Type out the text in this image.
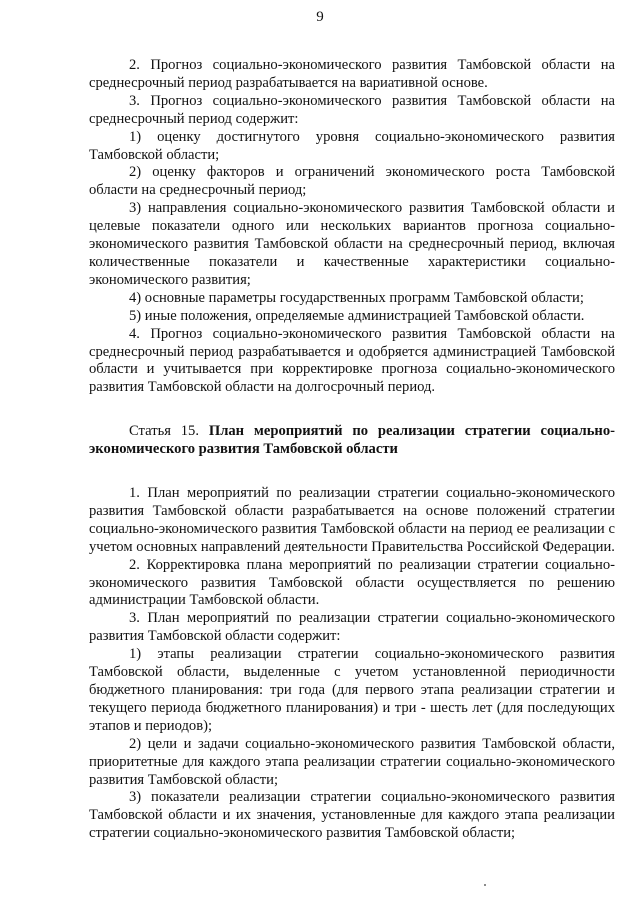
9

2. Прогноз социально-экономического развития Тамбовской области на среднесрочный период разрабатывается на вариативной основе.

3. Прогноз социально-экономического развития Тамбовской области на среднесрочный период содержит:

1) оценку достигнутого уровня социально-экономического развития Тамбовской области;

2) оценку факторов и ограничений экономического роста Тамбовской области на среднесрочный период;

3) направления социально-экономического развития Тамбовской области и целевые показатели одного или нескольких вариантов прогноза социально-экономического развития Тамбовской области на среднесрочный период, включая количественные показатели и качественные характеристики социально-экономического развития;

4) основные параметры государственных программ Тамбовской области;

5) иные положения, определяемые администрацией Тамбовской области.

4. Прогноз социально-экономического развития Тамбовской области на среднесрочный период разрабатывается и одобряется администрацией Тамбовской области и учитывается при корректировке прогноза социально-экономического развития Тамбовской области на долгосрочный период.

Статья 15. План мероприятий по реализации стратегии социально-экономического развития Тамбовской области

1. План мероприятий по реализации стратегии социально-экономического развития Тамбовской области разрабатывается на основе положений стратегии социально-экономического развития Тамбовской области на период ее реализации с учетом основных направлений деятельности Правительства Российской Федерации.

2. Корректировка плана мероприятий по реализации стратегии социально-экономического развития Тамбовской области осуществляется по решению администрации Тамбовской области.

3. План мероприятий по реализации стратегии социально-экономического развития Тамбовской области содержит:

1) этапы реализации стратегии социально-экономического развития Тамбовской области, выделенные с учетом установленной периодичности бюджетного планирования: три года (для первого этапа реализации стратегии и текущего периода бюджетного планирования) и три - шесть лет (для последующих этапов и периодов);

2) цели и задачи социально-экономического развития Тамбовской области, приоритетные для каждого этапа реализации стратегии социально-экономического развития Тамбовской области;

3) показатели реализации стратегии социально-экономического развития Тамбовской области и их значения, установленные для каждого этапа реализации стратегии социально-экономического развития Тамбовской области;
